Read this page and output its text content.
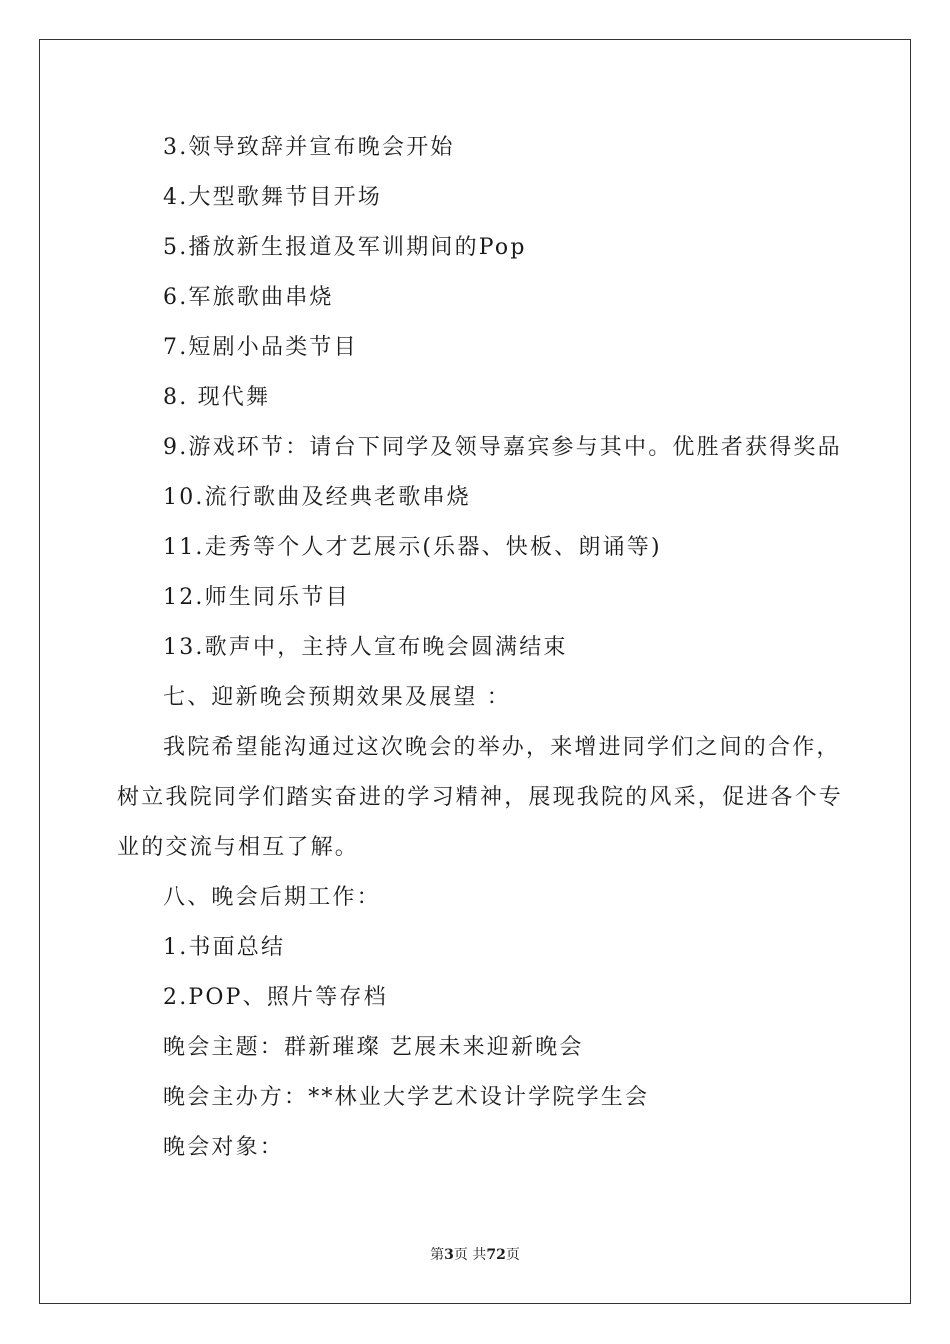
3.领导致辞并宣布晚会开始

4.大型歌舞节目开场

5.播放新生报道及军训期间的Pop

6.军旅歌曲串烧

7.短剧小品类节目

8. 现代舞

9.游戏环节：请台下同学及领导嘉宾参与其中。优胜者获得奖品

10.流行歌曲及经典老歌串烧

11.走秀等个人才艺展示(乐器、快板、朗诵等)

12.师生同乐节目

13.歌声中，主持人宣布晚会圆满结束

七、迎新晚会预期效果及展望 ：

我院希望能沟通过这次晚会的举办，来增进同学们之间的合作，

树立我院同学们踏实奋进的学习精神，展现我院的风采，促进各个专

业的交流与相互了解。

八、晚会后期工作：

1.书面总结

2.POP、照片等存档

晚会主题：群新璀璨 艺展未来迎新晚会

晚会主办方：**林业大学艺术设计学院学生会

晚会对象：

第3页 共72页
